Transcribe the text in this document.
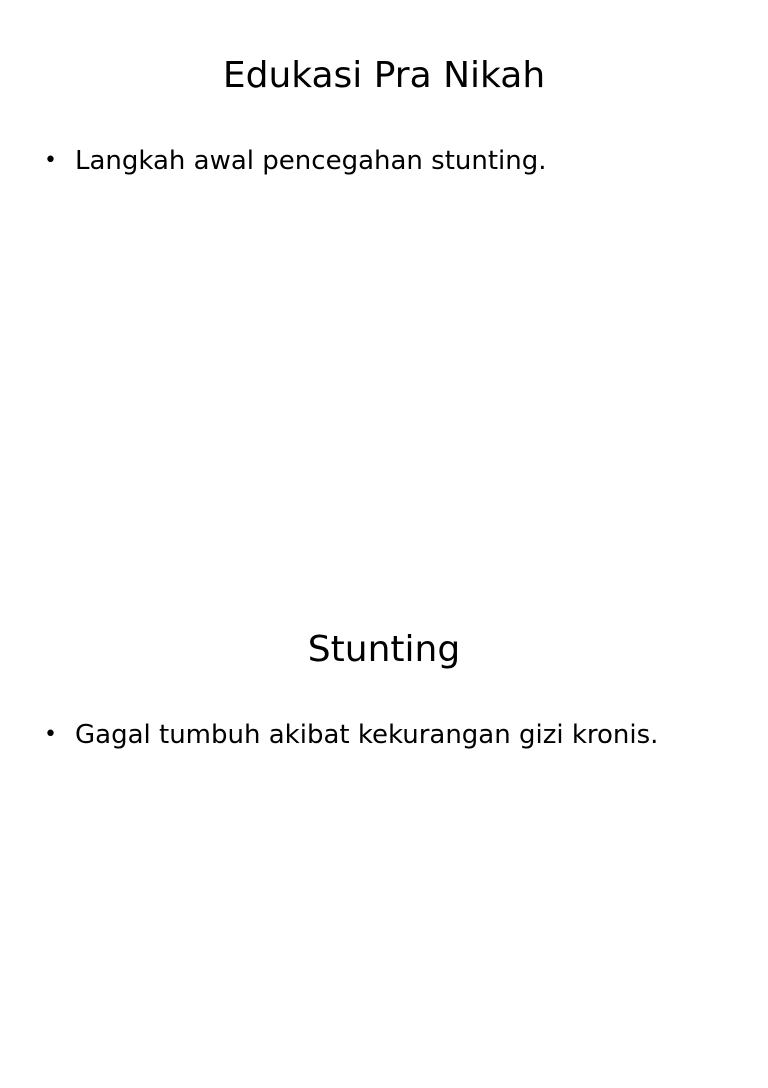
Edukasi Pra Nikah
• Langkah awal pencegahan stunting.
Stunting
• Gagal tumbuh akibat kekurangan gizi kronis.
